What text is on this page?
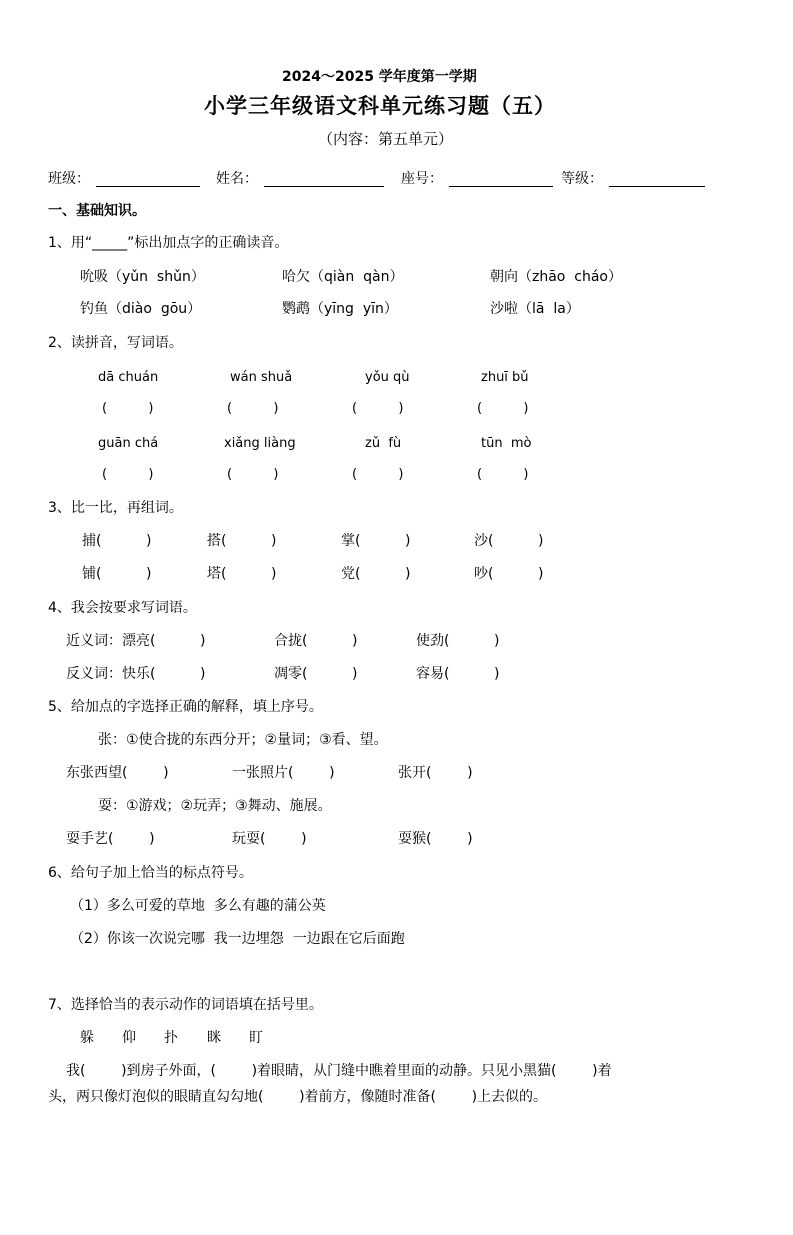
2024～2025 学年度第一学期
小学三年级语文科单元练习题（五）
（内容：第五单元）
班级：	姓名：	座号：	等级：
一、基础知识。
1、用“_____”标出加点字的正确读音。
吮吸（yǔn  shǔn）	哈欠（qiàn  qàn）	朝向（zhāo  cháo）
钓鱼（diào  gōu）	鹦鹉（yīng  yīn）	沙啦（lā  la）
2、读拼音，写词语。
dā chuán	wán shuǎ	yǒu qù	zhuī bǔ
(          )	(          )	(          )	(          )
guān chá	xiǎng liàng	zǔ  fù	tūn  mò
(          )	(          )	(          )	(          )
3、比一比，再组词。
捕(          )	搭(          )	掌(          )	沙(          )
铺(          )	塔(          )	党(          )	吵(          )
4、我会按要求写词语。
近义词：漂亮(          )	合拢(          )	使劲(          )
反义词：快乐(          )	凋零(          )	容易(          )
5、给加点的字选择正确的解释，填上序号。
张：①使合拢的东西分开；②量词；③看、望。
东张西望(        )	一张照片(        )	张开(        )
耍：①游戏；②玩弄；③舞动、施展。
耍手艺(        )	玩耍(        )	耍猴(        )
6、给句子加上恰当的标点符号。
（1）多么可爱的草地  多么有趣的蒲公英
（2）你该一次说完哪  我一边埋怨  一边跟在它后面跑
7、选择恰当的表示动作的词语填在括号里。
躲 仰 扑 眯 盯
我(        )到房子外面，(        )着眼睛，从门缝中瞧着里面的动静。只见小黑猫(        )着
头，两只像灯泡似的眼睛直勾勾地(        )着前方，像随时准备(        )上去似的。
